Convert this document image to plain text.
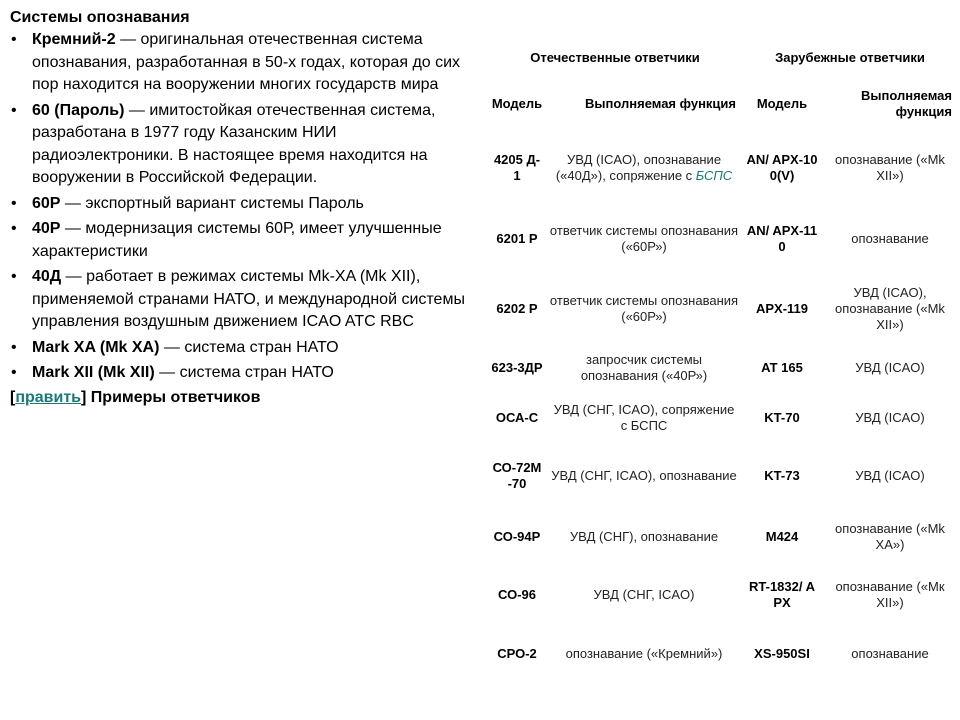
Системы опознавания
• Кремний-2 — оригинальная отечественная система опознавания, разработанная в 50-х годах, которая до сих пор находится на вооружении многих государств мира
• 60 (Пароль) — имитостойкая отечественная система, разработана в 1977 году Казанским НИИ радиоэлектроники. В настоящее время находится на вооружении в Российской Федерации.
• 60Р — экспортный вариант системы Пароль
• 40Р — модернизация системы 60Р, имеет улучшенные характеристики
• 40Д — работает в режимах системы Mk-XA (Mk XII), применяемой странами НАТО, и международной системы управления воздушным движением ICAO ATC RBC
• Mark XA (Mk XA) — система стран НАТО
• Mark XII (Mk XII) — система стран НАТО
[править] Примеры ответчиков
Отечественные ответчики		Зарубежные ответчики	
Модель	Выполняемая функция	Модель	Выполняемая функция
4205 Д-1	УВД (ICAO), опознавание («40Д»), сопряжение с БСПС	AN/ APX-100(V)	опознавание («Mk XII»)
6201 Р	ответчик системы опознавания («60Р»)	AN/ APX-110	опознавание
6202 Р	ответчик системы опознавания («60Р»)	APX-119	УВД (ICAO), опознавание («Mk XII»)
623-3ДР	запросчик системы опознавания («40Р»)	AT 165	УВД (ICAO)
ОСА-С	УВД (СНГ, ICAO), сопряжение с БСПС	KT-70	УВД (ICAO)
СО-72М-70	УВД (СНГ, ICAO), опознавание	KT-73	УВД (ICAO)
СО-94Р	УВД (СНГ), опознавание	M424	опознавание («Mk XA»)
СО-96	УВД (СНГ, ICAO)	RT-1832/ APX	опознавание («Mк XII»)
СРО-2	опознавание («Кремний»)	XS-950SI	опознавание
